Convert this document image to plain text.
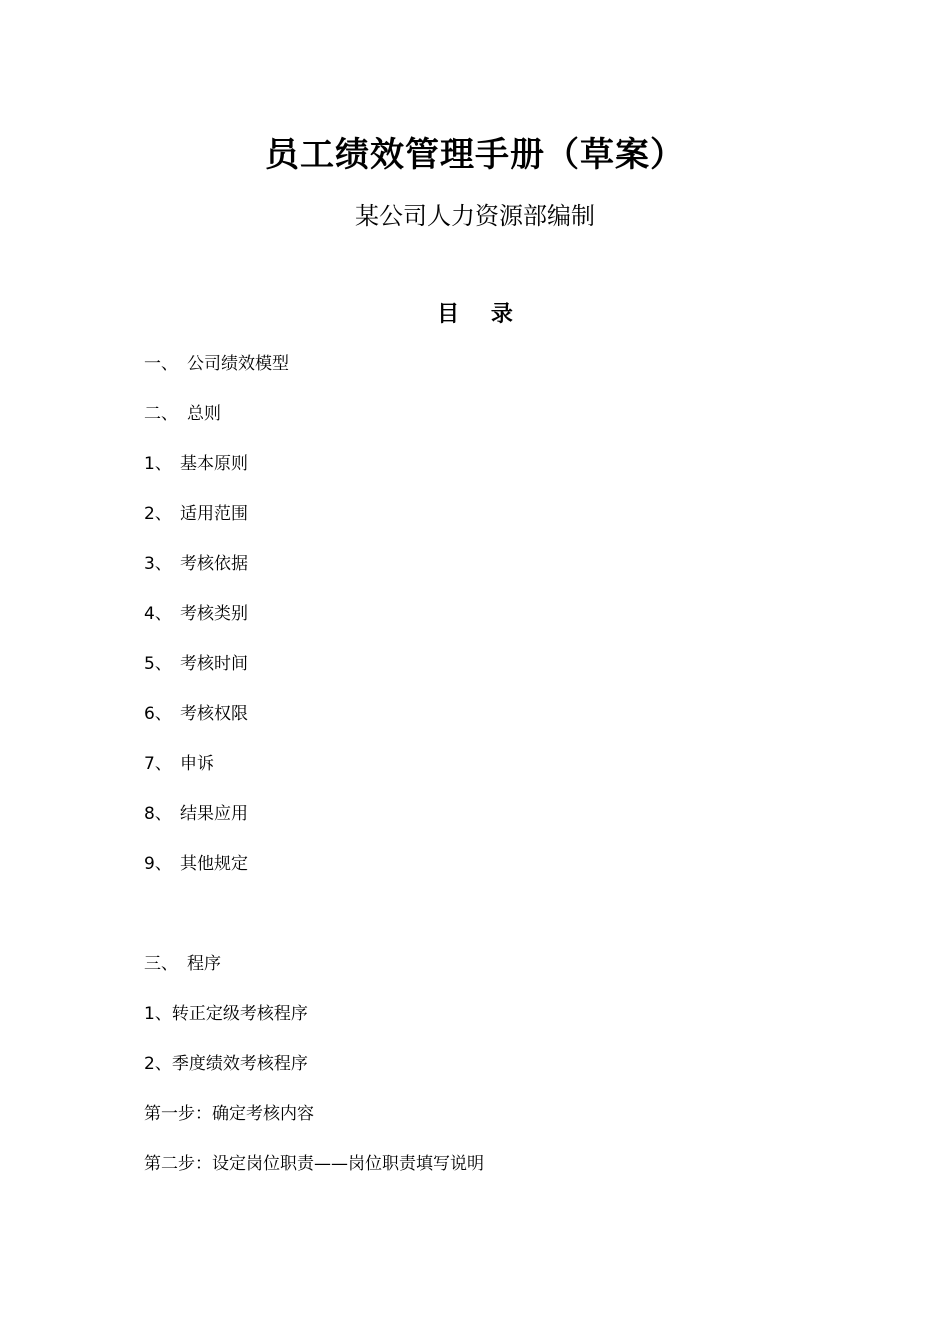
员工绩效管理手册（草案）
某公司人力资源部编制
目 录
一、 公司绩效模型
二、 总则
1、 基本原则
2、 适用范围
3、 考核依据
4、 考核类别
5、 考核时间
6、 考核权限
7、 申诉
8、 结果应用
9、 其他规定
三、 程序
1、转正定级考核程序
2、季度绩效考核程序
第一步：确定考核内容
第二步：设定岗位职责——岗位职责填写说明
